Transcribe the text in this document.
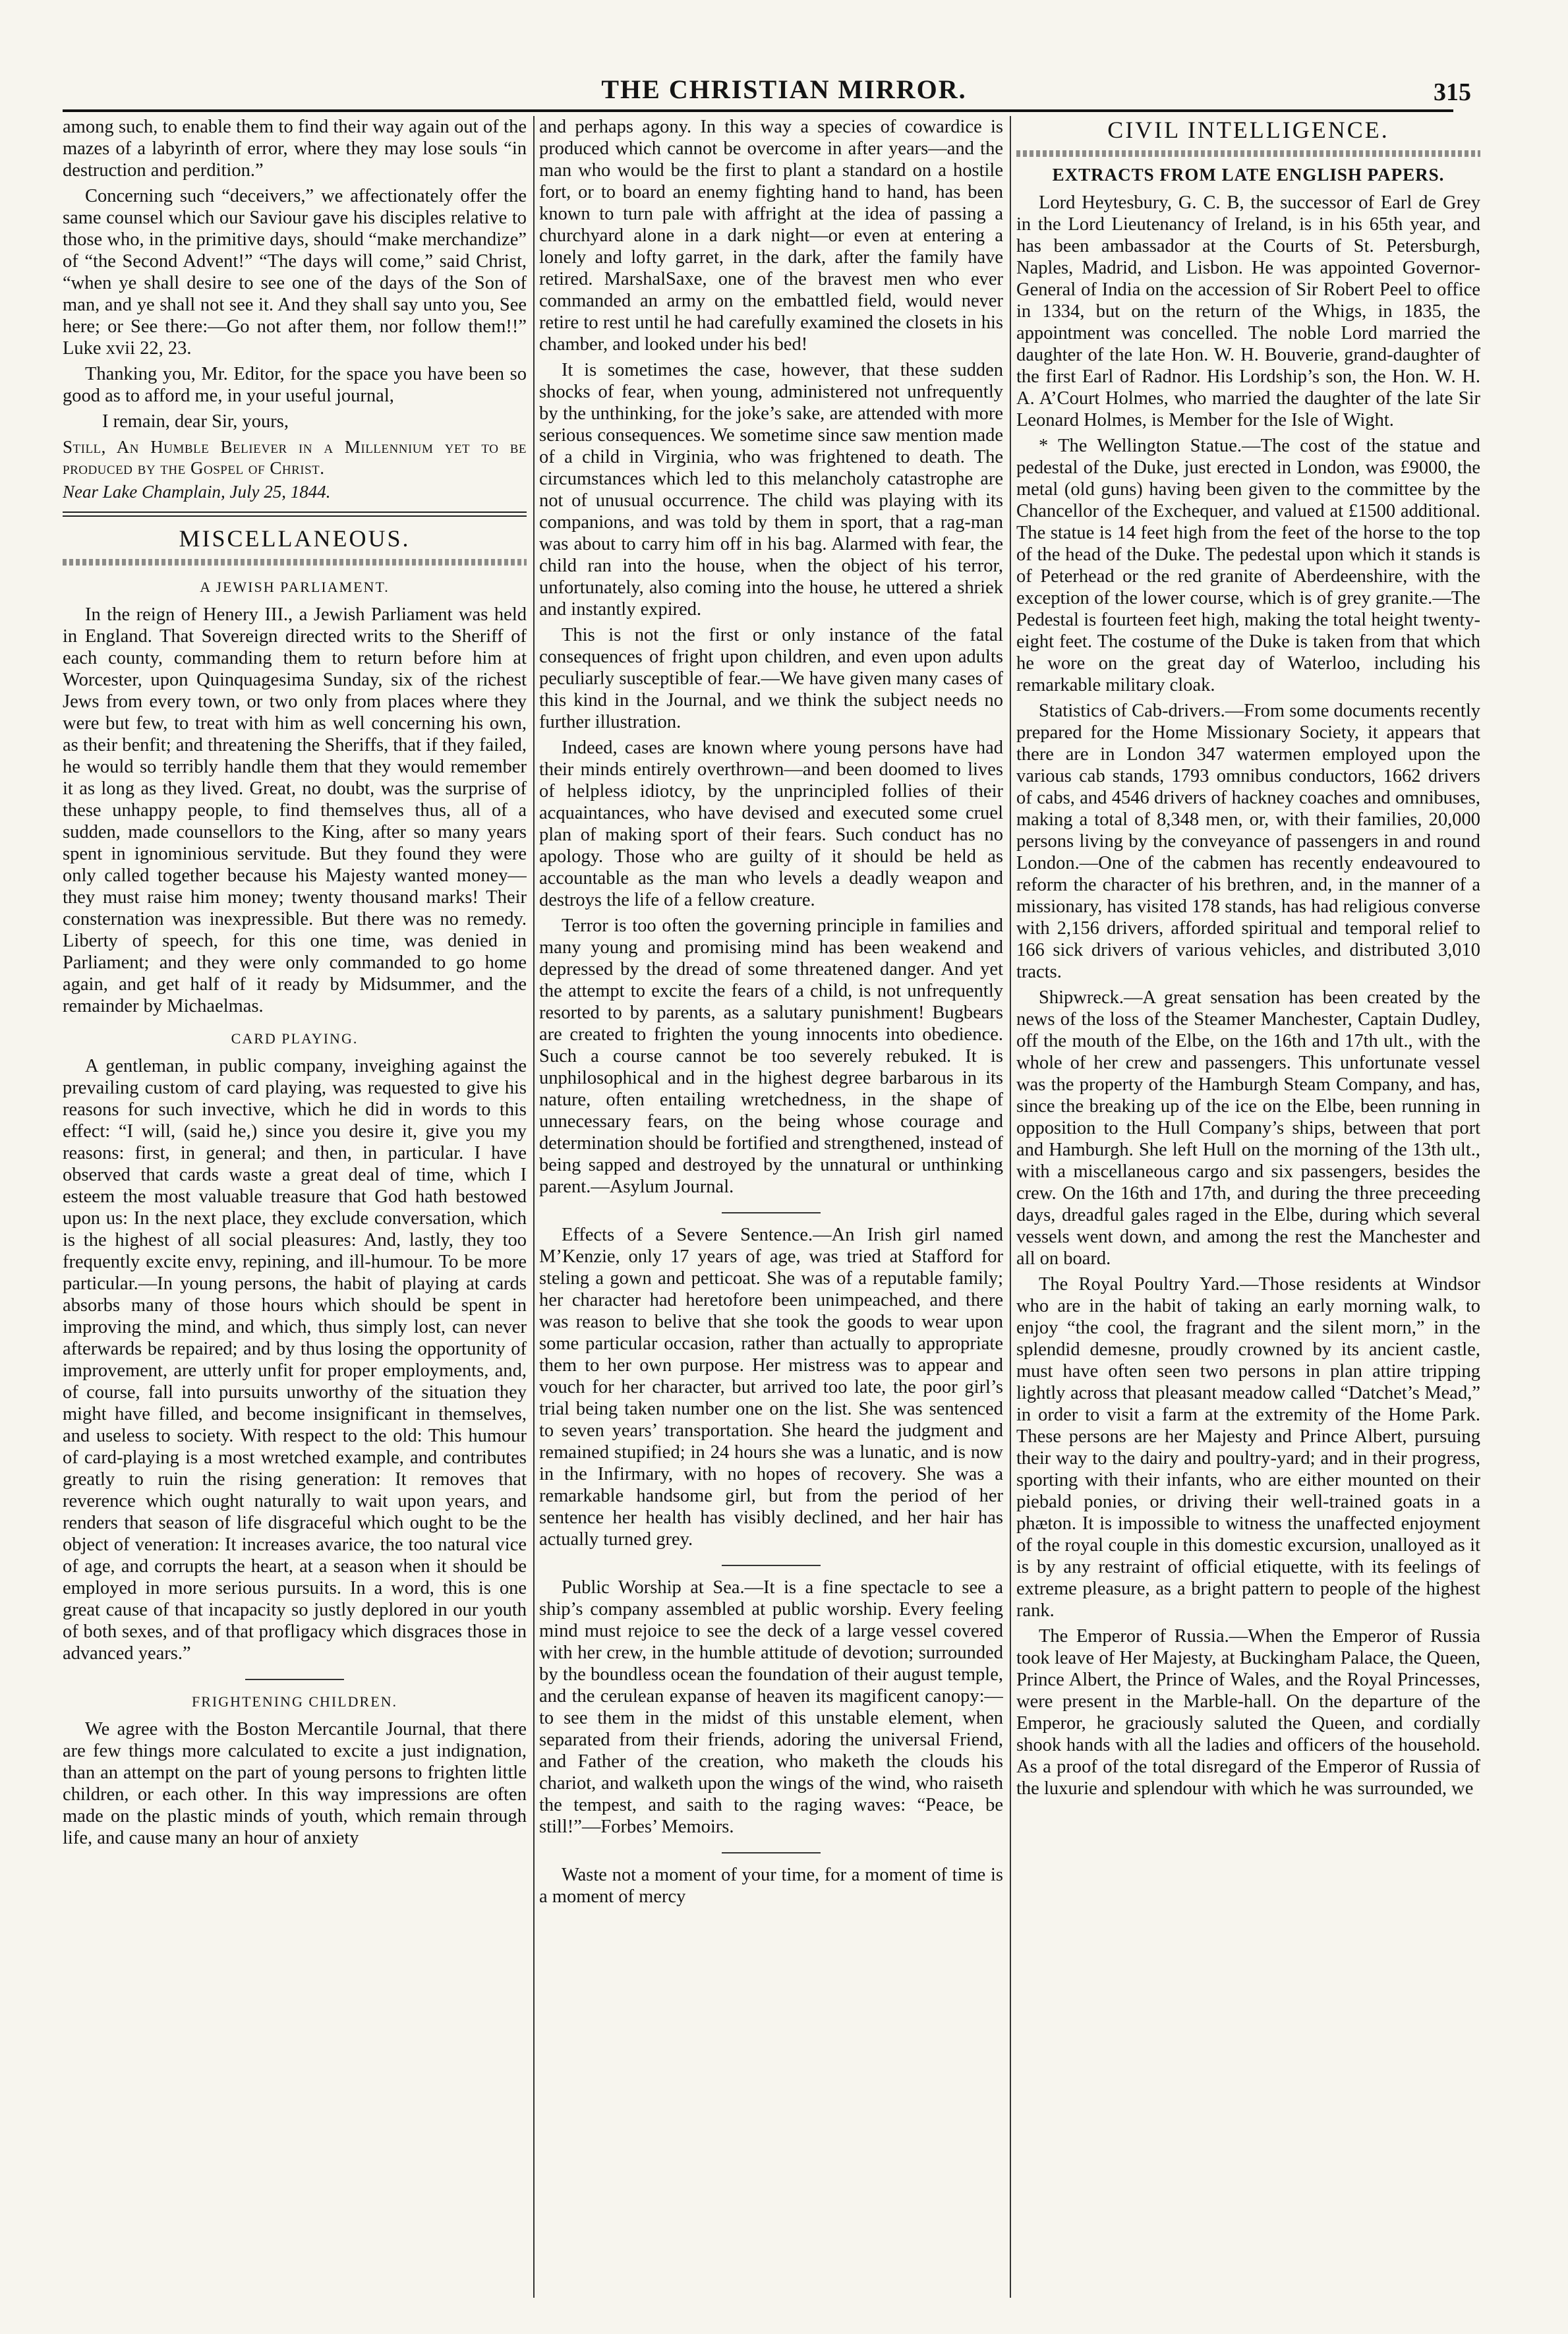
THE CHRISTIAN MIRROR.	315

among such, to enable them to find their way again out of the mazes of a labyrinth of error, where they may lose souls “in destruction and perdition.”

Concerning such “deceivers,” we affectionately offer the same counsel which our Saviour gave his disciples relative to those who, in the primitive days, should “make merchandize” of “the Second Advent!” “The days will come,” said Christ, “when ye shall desire to see one of the days of the Son of man, and ye shall not see it. And they shall say unto you, See here; or See there:—Go not after them, nor follow them!!” Luke xvii 22, 23.

Thanking you, Mr. Editor, for the space you have been so good as to afford me, in your useful journal,

I remain, dear Sir, yours,

Still, An Humble Believer in a Millennium yet to be produced by the Gospel of Christ.

Near Lake Champlain, July 25, 1844.

MISCELLANEOUS.
A JEWISH PARLIAMENT.

In the reign of Henery III., a Jewish Parliament was held in England. That Sovereign directed writs to the Sheriff of each county, commanding them to return before him at Worcester, upon Quinquagesima Sunday, six of the richest Jews from every town, or two only from places where they were but few, to treat with him as well concerning his own, as their benfit; and threatening the Sheriffs, that if they failed, he would so terribly handle them that they would remember it as long as they lived. Great, no doubt, was the surprise of these unhappy people, to find themselves thus, all of a sudden, made counsellors to the King, after so many years spent in ignominious servitude. But they found they were only called together because his Majesty wanted money—they must raise him money; twenty thousand marks! Their consternation was inexpressible. But there was no remedy. Liberty of speech, for this one time, was denied in Parliament; and they were only commanded to go home again, and get half of it ready by Midsummer, and the remainder by Michaelmas.

CARD PLAYING.

A gentleman, in public company, inveighing against the prevailing custom of card playing, was requested to give his reasons for such invective, which he did in words to this effect: “I will, (said he,) since you desire it, give you my reasons: first, in general; and then, in particular. I have observed that cards waste a great deal of time, which I esteem the most valuable treasure that God hath bestowed upon us: In the next place, they exclude conversation, which is the highest of all social pleasures: And, lastly, they too frequently excite envy, repining, and ill-humour. To be more particular.—In young persons, the habit of playing at cards absorbs many of those hours which should be spent in improving the mind, and which, thus simply lost, can never afterwards be repaired; and by thus losing the opportunity of improvement, are utterly unfit for proper employments, and, of course, fall into pursuits unworthy of the situation they might have filled, and become insignificant in themselves, and useless to society. With respect to the old: This humour of card-playing is a most wretched example, and contributes greatly to ruin the rising generation: It removes that reverence which ought naturally to wait upon years, and renders that season of life disgraceful which ought to be the object of veneration: It increases avarice, the too natural vice of age, and corrupts the heart, at a season when it should be employed in more serious pursuits. In a word, this is one great cause of that incapacity so justly deplored in our youth of both sexes, and of that profligacy which disgraces those in advanced years.”

FRIGHTENING CHILDREN.

We agree with the Boston Mercantile Journal, that there are few things more calculated to excite a just indignation, than an attempt on the part of young persons to frighten little children, or each other. In this way impressions are often made on the plastic minds of youth, which remain through life, and cause many an hour of anxiety

and perhaps agony. In this way a species of cowardice is produced which cannot be overcome in after years—and the man who would be the first to plant a standard on a hostile fort, or to board an enemy fighting hand to hand, has been known to turn pale with affright at the idea of passing a churchyard alone in a dark night—or even at entering a lonely and lofty garret, in the dark, after the family have retired. MarshalSaxe, one of the bravest men who ever commanded an army on the embattled field, would never retire to rest until he had carefully examined the closets in his chamber, and looked under his bed!

It is sometimes the case, however, that these sudden shocks of fear, when young, administered not unfrequently by the unthinking, for the joke’s sake, are attended with more serious consequences. We sometime since saw mention made of a child in Virginia, who was frightened to death. The circumstances which led to this melancholy catastrophe are not of unusual occurrence. The child was playing with its companions, and was told by them in sport, that a rag-man was about to carry him off in his bag. Alarmed with fear, the child ran into the house, when the object of his terror, unfortunately, also coming into the house, he uttered a shriek and instantly expired.

This is not the first or only instance of the fatal consequences of fright upon children, and even upon adults peculiarly susceptible of fear.—We have given many cases of this kind in the Journal, and we think the subject needs no further illustration.

Indeed, cases are known where young persons have had their minds entirely overthrown—and been doomed to lives of helpless idiotcy, by the unprincipled follies of their acquaintances, who have devised and executed some cruel plan of making sport of their fears. Such conduct has no apology. Those who are guilty of it should be held as accountable as the man who levels a deadly weapon and destroys the life of a fellow creature.

Terror is too often the governing principle in families and many young and promising mind has been weakend and depressed by the dread of some threatened danger. And yet the attempt to excite the fears of a child, is not unfrequently resorted to by parents, as a salutary punishment! Bugbears are created to frighten the young innocents into obedience. Such a course cannot be too severely rebuked. It is unphilosophical and in the highest degree barbarous in its nature, often entailing wretchedness, in the shape of unnecessary fears, on the being whose courage and determination should be fortified and strengthened, instead of being sapped and destroyed by the unnatural or unthinking parent.—Asylum Journal.

Effects of a Severe Sentence.—An Irish girl named M’Kenzie, only 17 years of age, was tried at Stafford for steling a gown and petticoat. She was of a reputable family; her character had heretofore been unimpeached, and there was reason to belive that she took the goods to wear upon some particular occasion, rather than actually to appropriate them to her own purpose. Her mistress was to appear and vouch for her character, but arrived too late, the poor girl’s trial being taken number one on the list. She was sentenced to seven years’ transportation. She heard the judgment and remained stupified; in 24 hours she was a lunatic, and is now in the Infirmary, with no hopes of recovery. She was a remarkable handsome girl, but from the period of her sentence her health has visibly declined, and her hair has actually turned grey.

Public Worship at Sea.—It is a fine spectacle to see a ship’s company assembled at public worship. Every feeling mind must rejoice to see the deck of a large vessel covered with her crew, in the humble attitude of devotion; surrounded by the boundless ocean the foundation of their august temple, and the cerulean expanse of heaven its magificent canopy:—to see them in the midst of this unstable element, when separated from their friends, adoring the universal Friend, and Father of the creation, who maketh the clouds his chariot, and walketh upon the wings of the wind, who raiseth the tempest, and saith to the raging waves: “Peace, be still!”—Forbes’ Memoirs.

Waste not a moment of your time, for a moment of time is a moment of mercy

CIVIL INTELLIGENCE.
EXTRACTS FROM LATE ENGLISH PAPERS.

Lord Heytesbury, G. C. B, the successor of Earl de Grey in the Lord Lieutenancy of Ireland, is in his 65th year, and has been ambassador at the Courts of St. Petersburgh, Naples, Madrid, and Lisbon. He was appointed Governor-General of India on the accession of Sir Robert Peel to office in 1334, but on the return of the Whigs, in 1835, the appointment was concelled. The noble Lord married the daughter of the late Hon. W. H. Bouverie, grand-daughter of the first Earl of Radnor. His Lordship’s son, the Hon. W. H. A. A’Court Holmes, who married the daughter of the late Sir Leonard Holmes, is Member for the Isle of Wight.

* The Wellington Statue.—The cost of the statue and pedestal of the Duke, just erected in London, was £9000, the metal (old guns) having been given to the committee by the Chancellor of the Exchequer, and valued at £1500 additional. The statue is 14 feet high from the feet of the horse to the top of the head of the Duke. The pedestal upon which it stands is of Peterhead or the red granite of Aberdeenshire, with the exception of the lower course, which is of grey granite.—The Pedestal is fourteen feet high, making the total height twenty-eight feet. The costume of the Duke is taken from that which he wore on the great day of Waterloo, including his remarkable military cloak.

Statistics of Cab-drivers.—From some documents recently prepared for the Home Missionary Society, it appears that there are in London 347 watermen employed upon the various cab stands, 1793 omnibus conductors, 1662 drivers of cabs, and 4546 drivers of hackney coaches and omnibuses, making a total of 8,348 men, or, with their families, 20,000 persons living by the conveyance of passengers in and round London.—One of the cabmen has recently endeavoured to reform the character of his brethren, and, in the manner of a missionary, has visited 178 stands, has had religious converse with 2,156 drivers, afforded spiritual and temporal relief to 166 sick drivers of various vehicles, and distributed 3,010 tracts.

Shipwreck.—A great sensation has been created by the news of the loss of the Steamer Manchester, Captain Dudley, off the mouth of the Elbe, on the 16th and 17th ult., with the whole of her crew and passengers. This unfortunate vessel was the property of the Hamburgh Steam Company, and has, since the breaking up of the ice on the Elbe, been running in opposition to the Hull Company’s ships, between that port and Hamburgh. She left Hull on the morning of the 13th ult., with a miscellaneous cargo and six passengers, besides the crew. On the 16th and 17th, and during the three preceeding days, dreadful gales raged in the Elbe, during which several vessels went down, and among the rest the Manchester and all on board.

The Royal Poultry Yard.—Those residents at Windsor who are in the habit of taking an early morning walk, to enjoy “the cool, the fragrant and the silent morn,” in the splendid demesne, proudly crowned by its ancient castle, must have often seen two persons in plan attire tripping lightly across that pleasant meadow called “Datchet’s Mead,” in order to visit a farm at the extremity of the Home Park. These persons are her Majesty and Prince Albert, pursuing their way to the dairy and poultry-yard; and in their progress, sporting with their infants, who are either mounted on their piebald ponies, or driving their well-trained goats in a phæton. It is impossible to witness the unaffected enjoyment of the royal couple in this domestic excursion, unalloyed as it is by any restraint of official etiquette, with its feelings of extreme pleasure, as a bright pattern to people of the highest rank.

The Emperor of Russia.—When the Emperor of Russia took leave of Her Majesty, at Buckingham Palace, the Queen, Prince Albert, the Prince of Wales, and the Royal Princesses, were present in the Marble-hall. On the departure of the Emperor, he graciously saluted the Queen, and cordially shook hands with all the ladies and officers of the household. As a proof of the total disregard of the Emperor of Russia of the luxurie and splendour with which he was surrounded, we
